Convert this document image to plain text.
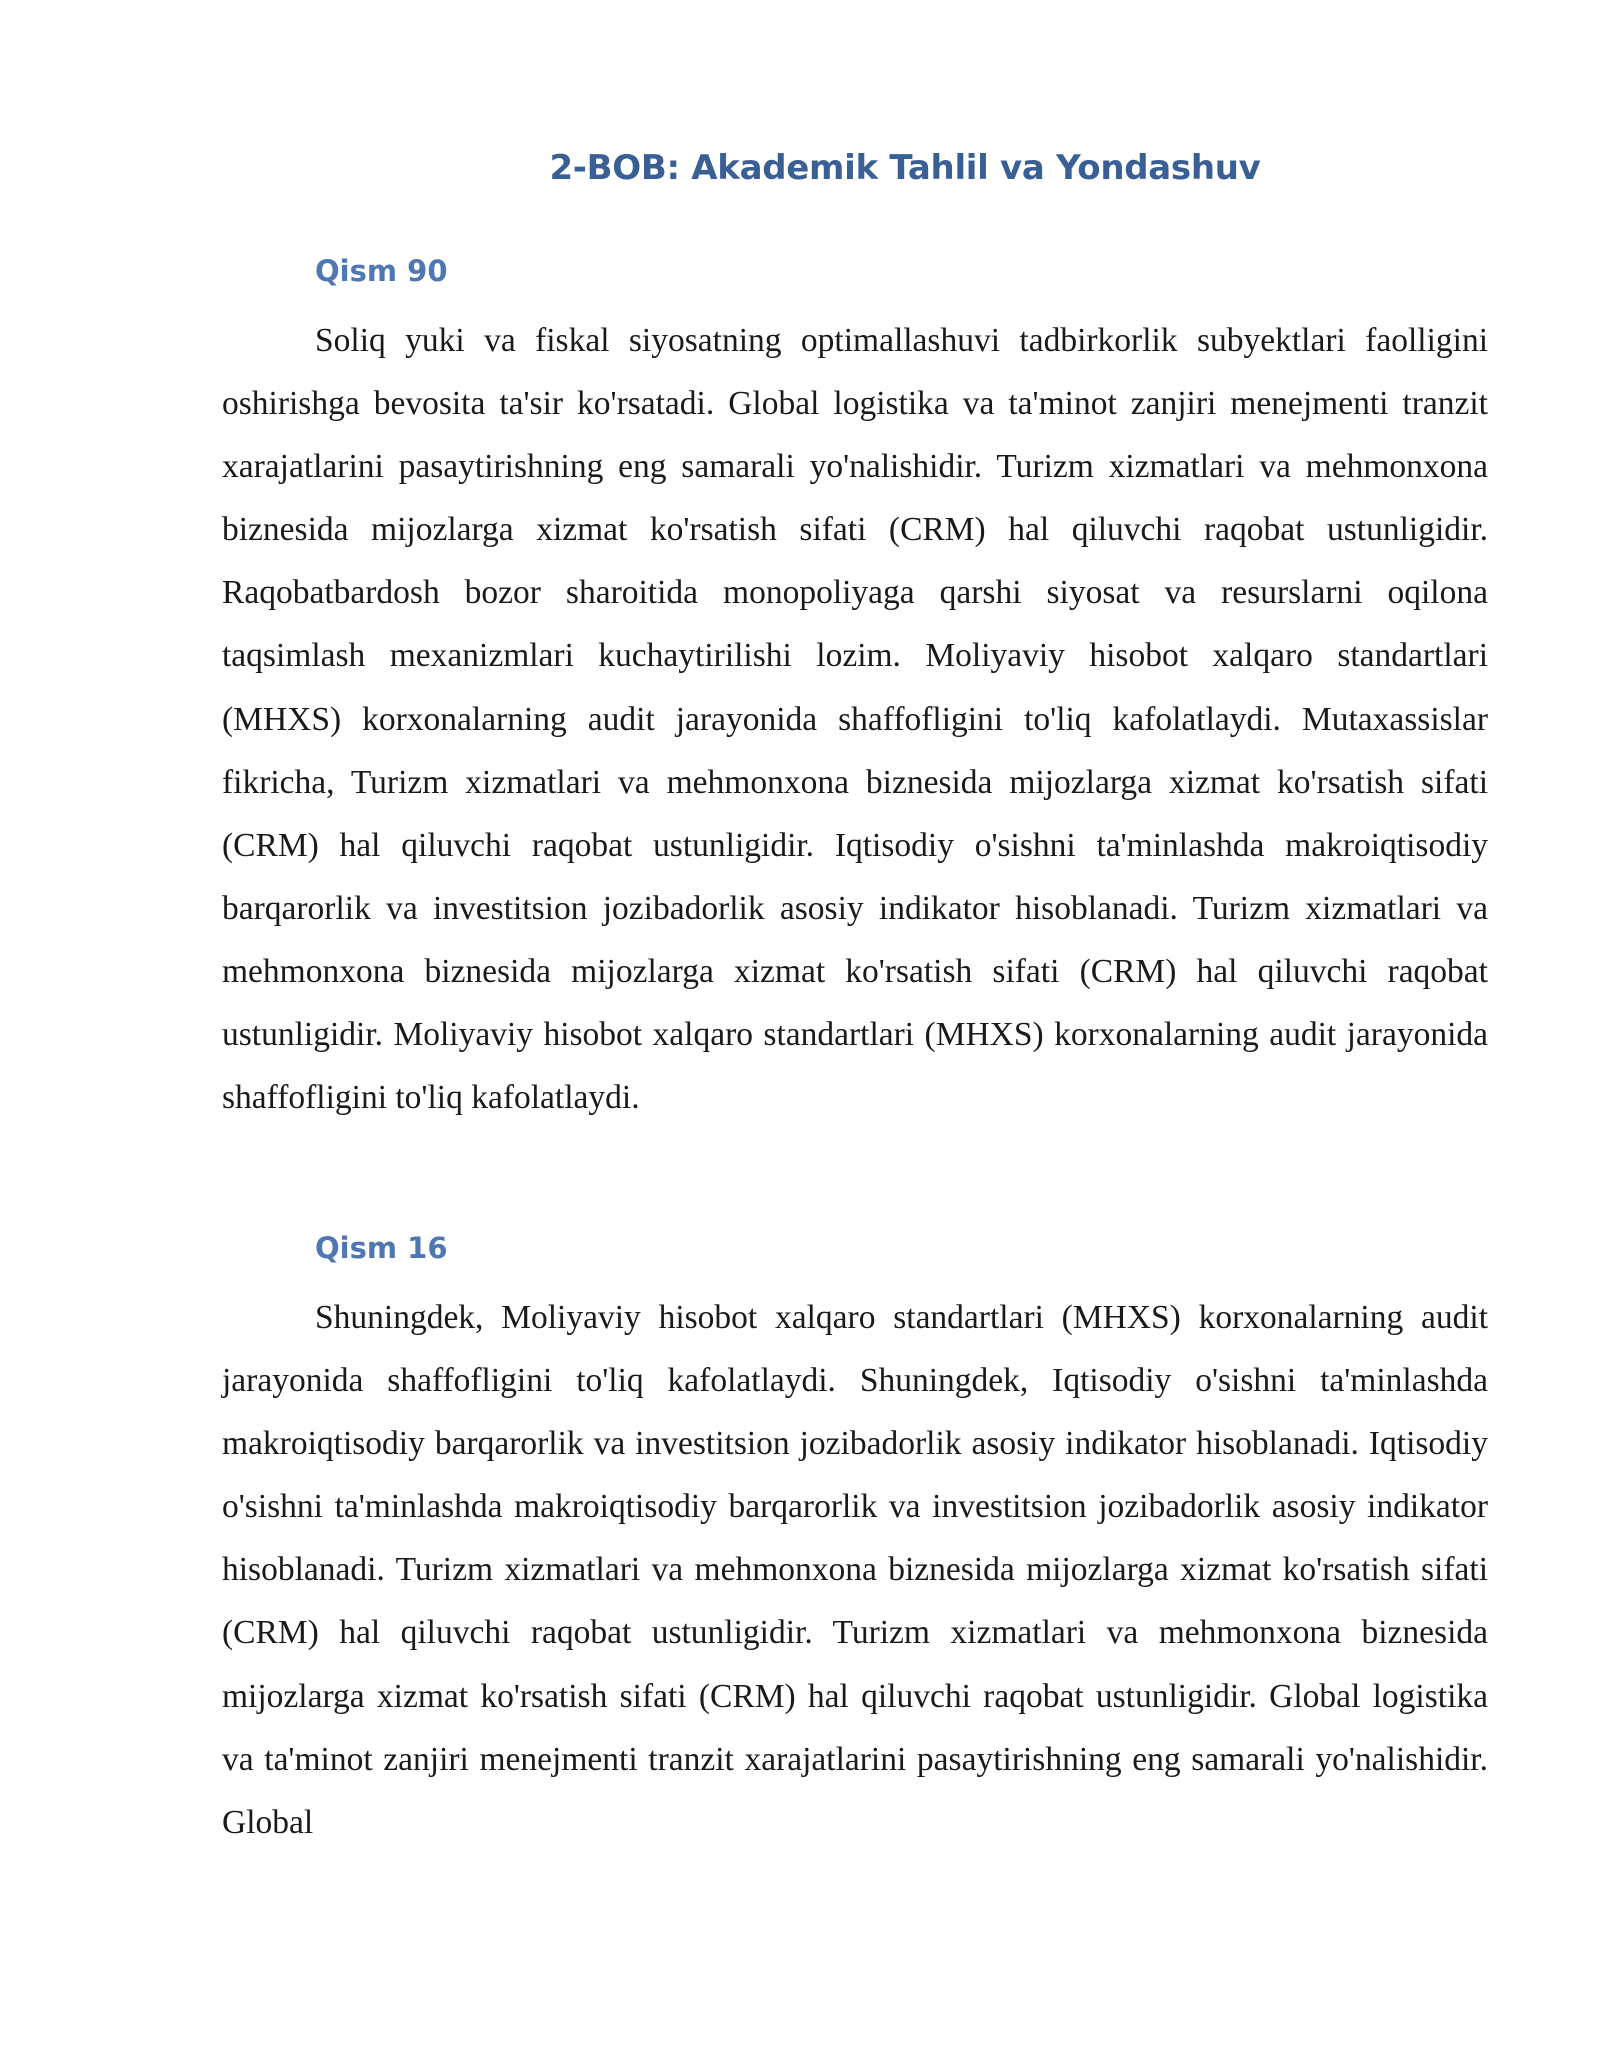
2-BOB: Akademik Tahlil va Yondashuv
Qism 90

Soliq yuki va fiskal siyosatning optimallashuvi tadbirkorlik subyektlari faolligini oshirishga bevosita ta'sir ko'rsatadi. Global logistika va ta'minot zanjiri menejmenti tranzit xarajatlarini pasaytirishning eng samarali yo'nalishidir. Turizm xizmatlari va mehmonxona biznesida mijozlarga xizmat ko'rsatish sifati (CRM) hal qiluvchi raqobat ustunligidir. Raqobatbardosh bozor sharoitida monopoliyaga qarshi siyosat va resurslarni oqilona taqsimlash mexanizmlari kuchaytirilishi lozim. Moliyaviy hisobot xalqaro standartlari (MHXS) korxonalarning audit jarayonida shaffofligini to'liq kafolatlaydi. Mutaxassislar fikricha, Turizm xizmatlari va mehmonxona biznesida mijozlarga xizmat ko'rsatish sifati (CRM) hal qiluvchi raqobat ustunligidir. Iqtisodiy o'sishni ta'minlashda makroiqtisodiy barqarorlik va investitsion jozibadorlik asosiy indikator hisoblanadi. Turizm xizmatlari va mehmonxona biznesida mijozlarga xizmat ko'rsatish sifati (CRM) hal qiluvchi raqobat ustunligidir. Moliyaviy hisobot xalqaro standartlari (MHXS) korxonalarning audit jarayonida shaffofligini to'liq kafolatlaydi.

Qism 16

Shuningdek, Moliyaviy hisobot xalqaro standartlari (MHXS) korxonalarning audit jarayonida shaffofligini to'liq kafolatlaydi. Shuningdek, Iqtisodiy o'sishni ta'minlashda makroiqtisodiy barqarorlik va investitsion jozibadorlik asosiy indikator hisoblanadi. Iqtisodiy o'sishni ta'minlashda makroiqtisodiy barqarorlik va investitsion jozibadorlik asosiy indikator hisoblanadi. Turizm xizmatlari va mehmonxona biznesida mijozlarga xizmat ko'rsatish sifati (CRM) hal qiluvchi raqobat ustunligidir. Turizm xizmatlari va mehmonxona biznesida mijozlarga xizmat ko'rsatish sifati (CRM) hal qiluvchi raqobat ustunligidir. Global logistika va ta'minot zanjiri menejmenti tranzit xarajatlarini pasaytirishning eng samarali yo'nalishidir. Global
